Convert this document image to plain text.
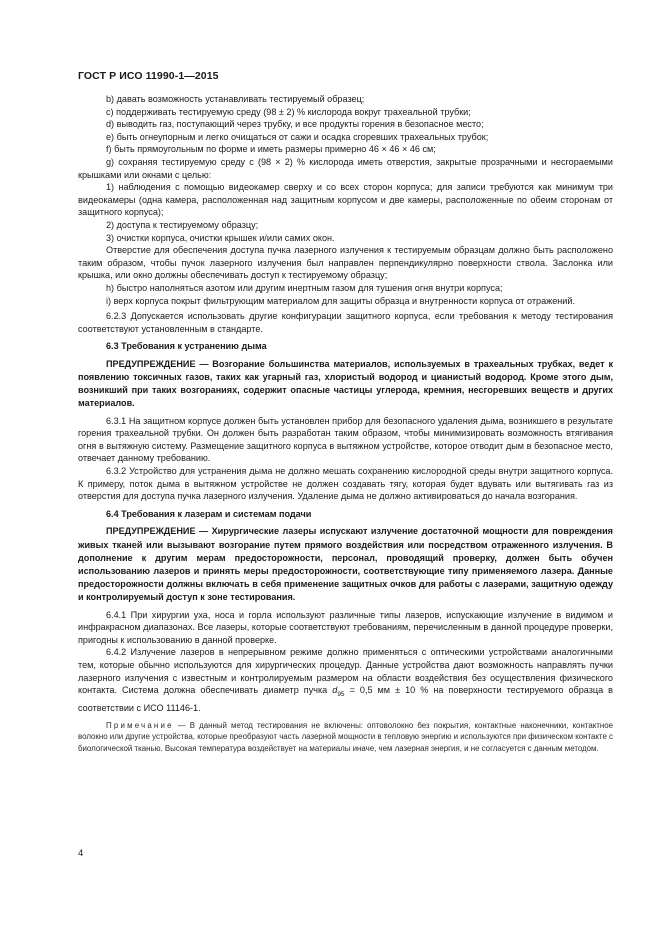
ГОСТ Р ИСО 11990-1—2015

b) давать возможность устанавливать тестируемый образец;

c) поддерживать тестируемую среду (98 ± 2) % кислорода вокруг трахеальной трубки;

d) выводить газ, поступающий через трубку, и все продукты горения в безопасное место;

e) быть огнеупорным и легко очищаться от сажи и осадка сгоревших трахеальных трубок;

f) быть прямоугольным по форме и иметь размеры примерно 46 × 46 × 46 см;

g) сохраняя тестируемую среду с (98 × 2) % кислорода иметь отверстия, закрытые прозрачными и несгораемыми крышками или окнами с целью:

1) наблюдения с помощью видеокамер сверху и со всех сторон корпуса; для записи требуются как минимум три видеокамеры (одна камера, расположенная над защитным корпусом и две камеры, расположенные по обеим сторонам от защитного корпуса);

2) доступа к тестируемому образцу;

3) очистки корпуса, очистки крышек и/или самих окон.

Отверстие для обеспечения доступа пучка лазерного излучения к тестируемым образцам должно быть расположено таким образом, чтобы пучок лазерного излучения был направлен перпендикулярно поверхности ствола. Заслонка или крышка, или окно должны обеспечивать доступ к тестируемому образцу;

h) быстро наполняться азотом или другим инертным газом для тушения огня внутри корпуса;

i) верх корпуса покрыт фильтрующим материалом для защиты образца и внутренности корпуса от отражений.

6.2.3 Допускается использовать другие конфигурации защитного корпуса, если требования к методу тестирования соответствуют установленным в стандарте.

6.3 Требования к устранению дыма

ПРЕДУПРЕЖДЕНИЕ — Возгорание большинства материалов, используемых в трахеальных трубках, ведет к появлению токсичных газов, таких как угарный газ, хлористый водород и цианистый водород. Кроме этого дым, возникший при таких возгораниях, содержит опасные частицы углерода, кремния, несгоревших веществ и других материалов.

6.3.1 На защитном корпусе должен быть установлен прибор для безопасного удаления дыма, возникшего в результате горения трахеальной трубки. Он должен быть разработан таким образом, чтобы минимизировать возможность втягивания огня в вытяжную систему. Размещение защитного корпуса в вытяжном устройстве, которое отводит дым в безопасное место, отвечает данному требованию.

6.3.2 Устройство для устранения дыма не должно мешать сохранению кислородной среды внутри защитного корпуса. К примеру, поток дыма в вытяжном устройстве не должен создавать тягу, которая будет вдувать или вытягивать газ из отверстия для доступа пучка лазерного излучения. Удаление дыма не должно активироваться до начала возгорания.

6.4 Требования к лазерам и системам подачи

ПРЕДУПРЕЖДЕНИЕ — Хирургические лазеры испускают излучение достаточной мощности для повреждения живых тканей или вызывают возгорание путем прямого воздействия или посредством отраженного излучения. В дополнение к другим мерам предосторожности, персонал, проводящий проверку, должен быть обучен использованию лазеров и принять меры предосторожности, соответствующие типу применяемого лазера. Данные предосторожности должны включать в себя применение защитных очков для работы с лазерами, защитную одежду и контролируемый доступ к зоне тестирования.

6.4.1 При хирургии уха, носа и горла используют различные типы лазеров, испускающие излучение в видимом и инфракрасном диапазонах. Все лазеры, которые соответствуют требованиям, перечисленным в данной процедуре проверки, пригодны к использованию в данной проверке.

6.4.2 Излучение лазеров в непрерывном режиме должно применяться с оптическими устройствами аналогичными тем, которые обычно используются для хирургических процедур. Данные устройства дают возможность направлять пучки лазерного излучения с известным и контролируемым размером на области воздействия без осуществления физического контакта. Система должна обеспечивать диаметр пучка $d_{95} = 0,5$ мм ± 10 % на поверхности тестируемого образца в соответствии с ИСО 11146-1.

Примечание — В данный метод тестирования не включены: оптоволокно без покрытия, контактные наконечники, контактное волокно или другие устройства, которые преобразуют часть лазерной мощности в тепловую энергию и используются при физическом контакте с биологической тканью. Высокая температура воздействует на материалы иначе, чем лазерная энергия, и не согласуется с данным методом.

4
